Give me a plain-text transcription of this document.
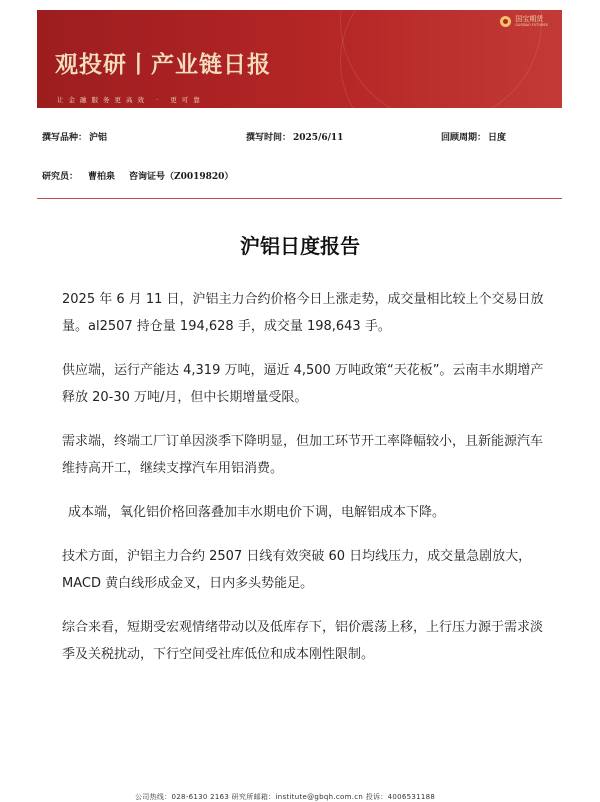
国宝期货
GUOBAO FUTURES
观投研丨产业链日报
让金融服务更高效 · 更可靠
撰写品种： 沪铝	撰写时间： 2025/6/11	回顾周期： 日度
研究员： 曹柏泉 咨询证号（Z0019820）
沪铝日度报告

2025 年 6 月 11 日，沪铝主力合约价格今日上涨走势，成交量相比较上个交易日放量。al2507 持仓量 194,628 手，成交量 198,643 手。

供应端，运行产能达 4,319 万吨，逼近 4,500 万吨政策“天花板”。云南丰水期增产释放 20-30 万吨/月，但中长期增量受限。

需求端，终端工厂订单因淡季下降明显，但加工环节开工率降幅较小，且新能源汽车维持高开工，继续支撑汽车用铝消费。

成本端，氧化铝价格回落叠加丰水期电价下调，电解铝成本下降。

技术方面，沪铝主力合约 2507 日线有效突破 60 日均线压力，成交量急剧放大，MACD 黄白线形成金叉，日内多头势能足。

综合来看，短期受宏观情绪带动以及低库存下，铝价震荡上移，上行压力源于需求淡季及关税扰动，下行空间受社库低位和成本刚性限制。

公司热线：028-6130 2163 研究所邮箱：institute@gbqh.com.cn 投诉：4006531188
